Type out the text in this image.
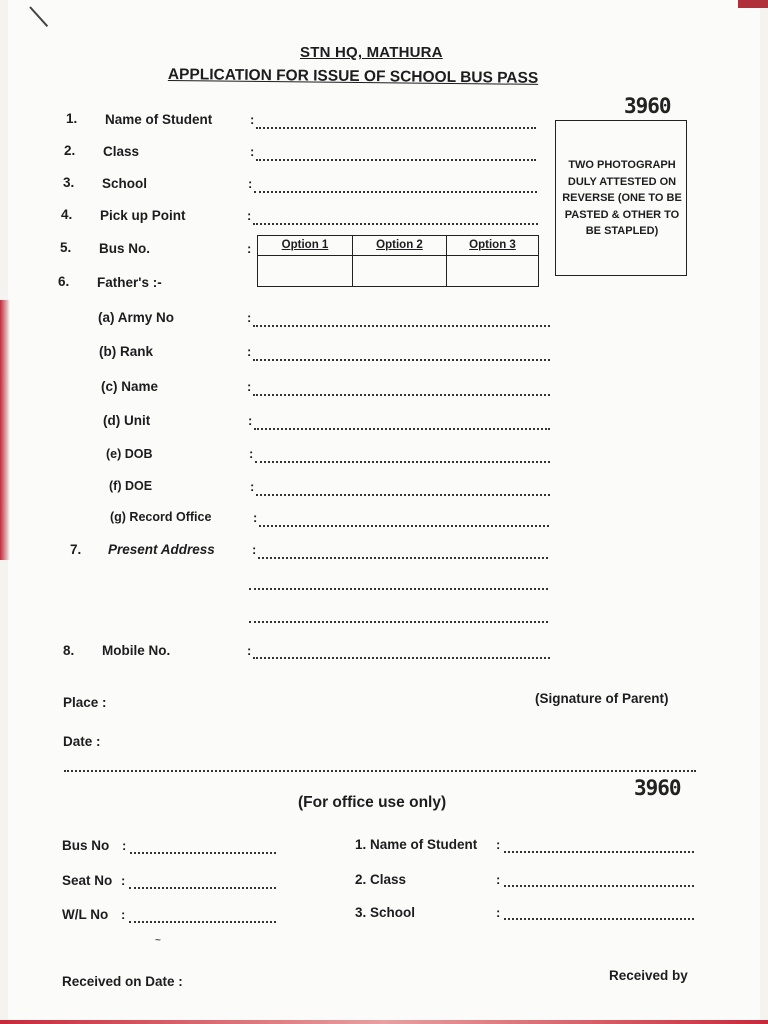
STN HQ, MATHURA
APPLICATION FOR ISSUE OF SCHOOL BUS PASS
3960
1. Name of Student	:
2. Class	:
3. School	:
4. Pick up Point	:
5. Bus No.	:	Option 1	Option 2	Option 3
6. Father's :-
TWO PHOTOGRAPH DULY ATTESTED ON REVERSE (ONE TO BE PASTED & OTHER TO BE STAPLED)
(a) Army No	:
(b) Rank	:
(c) Name	:
(d) Unit	:
(e) DOB	:
(f) DOE	:
(g) Record Office	:
7. Present Address	:
8. Mobile No.	:
Place :	(Signature of Parent)
Date :
3960
(For office use only)
Bus No :
Seat No :
W/L No :
1. Name of Student :
2. Class	:
3. School	:
~
Received on Date :	Received by
